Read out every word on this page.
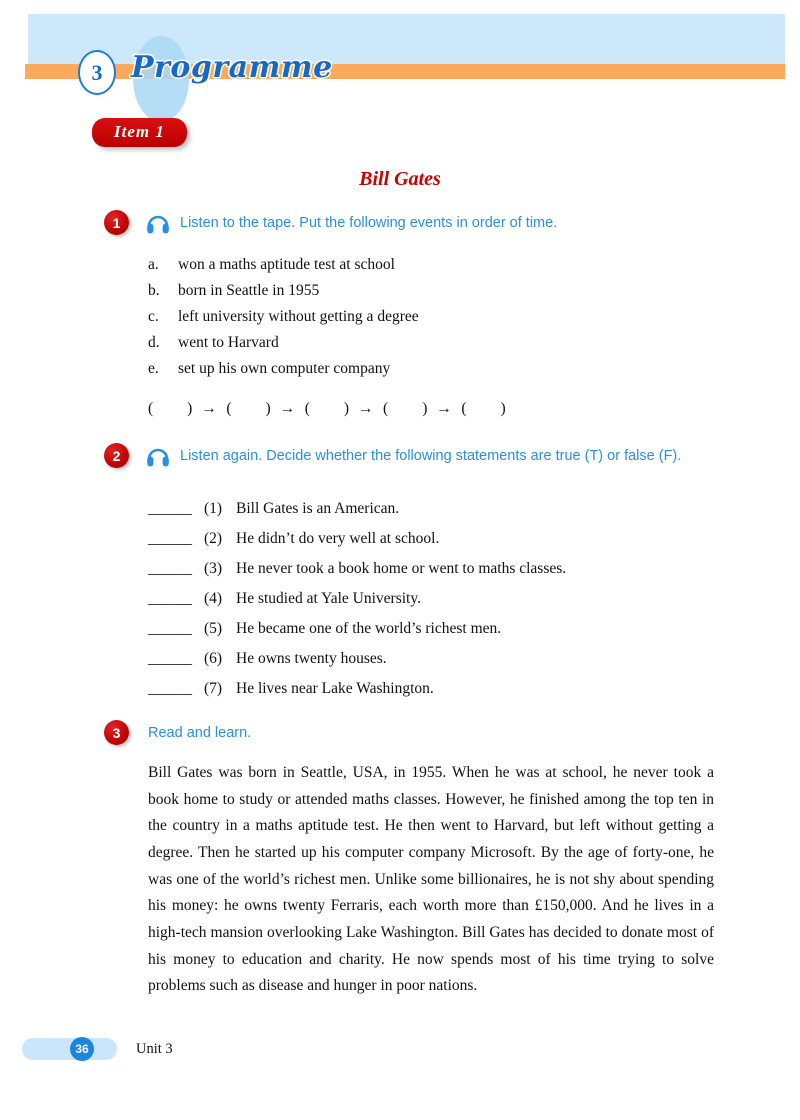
3 Programme
Item 1
Bill Gates
1	Listen to the tape. Put the following events in order of time.
a.	won a maths aptitude test at school
b.	born in Seattle in 1955
c.	left university without getting a degree
d.	went to Harvard
e.	set up his own computer company
( ) → ( ) → ( ) → ( ) → ( )
2	Listen again. Decide whether the following statements are true (T) or false (F).
______ (1) Bill Gates is an American.
______ (2) He didn’t do very well at school.
______ (3) He never took a book home or went to maths classes.
______ (4) He studied at Yale University.
______ (5) He became one of the world’s richest men.
______ (6) He owns twenty houses.
______ (7) He lives near Lake Washington.
3	Read and learn.
Bill Gates was born in Seattle, USA, in 1955. When he was at school, he never took a book home to study or attended maths classes. However, he finished among the top ten in the country in a maths aptitude test. He then went to Harvard, but left without getting a degree. Then he started up his computer company Microsoft. By the age of forty-one, he was one of the world’s richest men. Unlike some billionaires, he is not shy about spending his money: he owns twenty Ferraris, each worth more than £150,000. And he lives in a high-tech mansion overlooking Lake Washington. Bill Gates has decided to donate most of his money to education and charity. He now spends most of his time trying to solve problems such as disease and hunger in poor nations.
36	Unit 3
